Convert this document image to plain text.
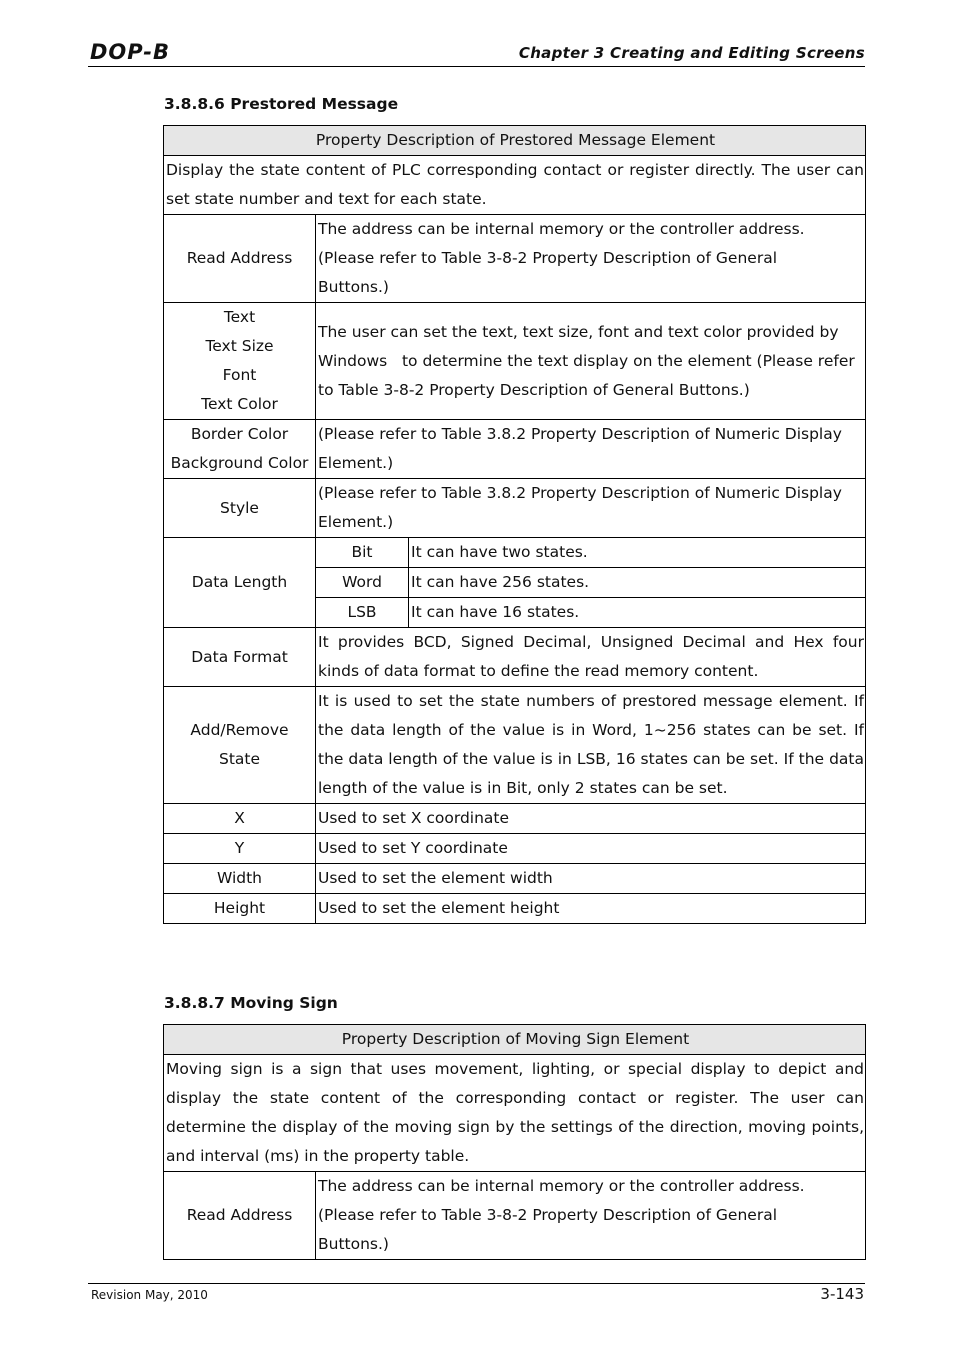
DOP-B	Chapter 3 Creating and Editing Screens
3.8.8.6 Prestored Message
Property Description of Prestored Message Element
Display the state content of PLC corresponding contact or register directly. The user can set state number and text for each state.
Read Address	The address can be internal memory or the controller address. (Please refer to Table 3-8-2 Property Description of General Buttons.)

Text
Text Size
Font
Text Color
	The user can set the text, text size, font and text color provided by Windows   to determine the text display on the element (Please refer to Table 3-8-2 Property Description of General Buttons.)

Border Color
Background Color
	(Please refer to Table 3.8.2 Property Description of Numeric Display Element.)
Style	(Please refer to Table 3.8.2 Property Description of Numeric Display Element.)
Data Length	
Bit	It can have two states.
Word	It can have 256 states.
LSB	It can have 16 states.

Data Format	It provides BCD, Signed Decimal, Unsigned Decimal and Hex four kinds of data format to define the read memory content.

Add/Remove
State
	It is used to set the state numbers of prestored message element. If the data length of the value is in Word, 1~256 states can be set. If the data length of the value is in LSB, 16 states can be set. If the data length of the value is in Bit, only 2 states can be set.
X	Used to set X coordinate
Y	Used to set Y coordinate
Width	Used to set the element width
Height	Used to set the element height
3.8.8.7 Moving Sign
Property Description of Moving Sign Element
Moving sign is a sign that uses movement, lighting, or special display to depict and display the state content of the corresponding contact or register. The user can determine the display of the moving sign by the settings of the direction, moving points, and interval (ms) in the property table.
Read Address	The address can be internal memory or the controller address. (Please refer to Table 3-8-2 Property Description of General Buttons.)
Revision May, 2010	3-143
